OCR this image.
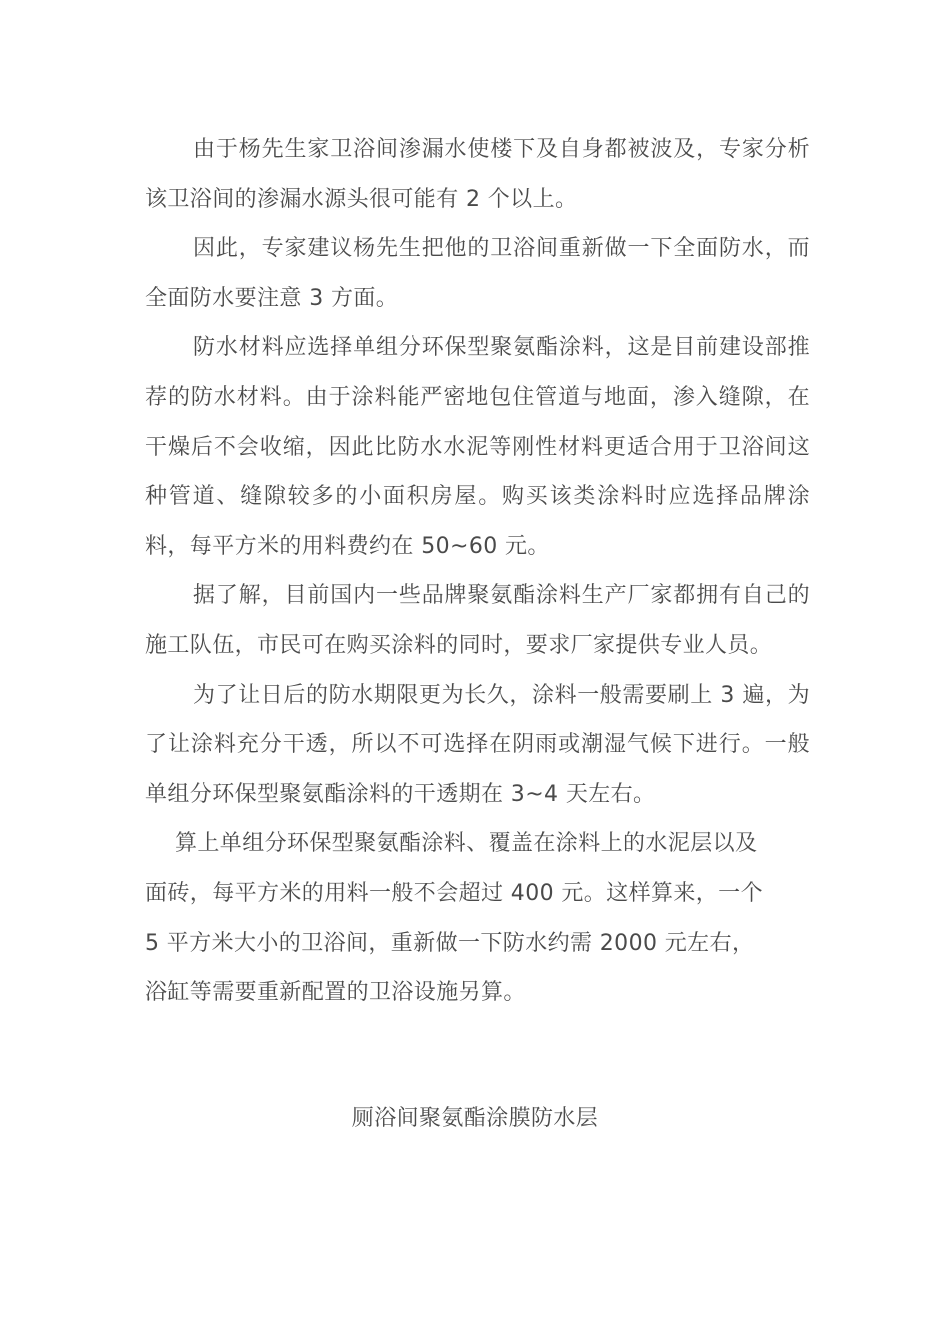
由于杨先生家卫浴间渗漏水使楼下及自身都被波及，专家分析该卫浴间的渗漏水源头很可能有 2 个以上。

因此，专家建议杨先生把他的卫浴间重新做一下全面防水，而全面防水要注意 3 方面。

防水材料应选择单组分环保型聚氨酯涂料，这是目前建设部推荐的防水材料。由于涂料能严密地包住管道与地面，渗入缝隙，在干燥后不会收缩，因此比防水水泥等刚性材料更适合用于卫浴间这种管道、缝隙较多的小面积房屋。购买该类涂料时应选择品牌涂料，每平方米的用料费约在 50~60 元。

据了解，目前国内一些品牌聚氨酯涂料生产厂家都拥有自己的施工队伍，市民可在购买涂料的同时，要求厂家提供专业人员。

为了让日后的防水期限更为长久，涂料一般需要刷上 3 遍，为了让涂料充分干透，所以不可选择在阴雨或潮湿气候下进行。一般单组分环保型聚氨酯涂料的干透期在 3~4 天左右。

算上单组分环保型聚氨酯涂料、覆盖在涂料上的水泥层以及
面砖，每平方米的用料一般不会超过 400 元。这样算来，一个
5 平方米大小的卫浴间，重新做一下防水约需 2000 元左右，
浴缸等需要重新配置的卫浴设施另算。
厕浴间聚氨酯涂膜防水层
